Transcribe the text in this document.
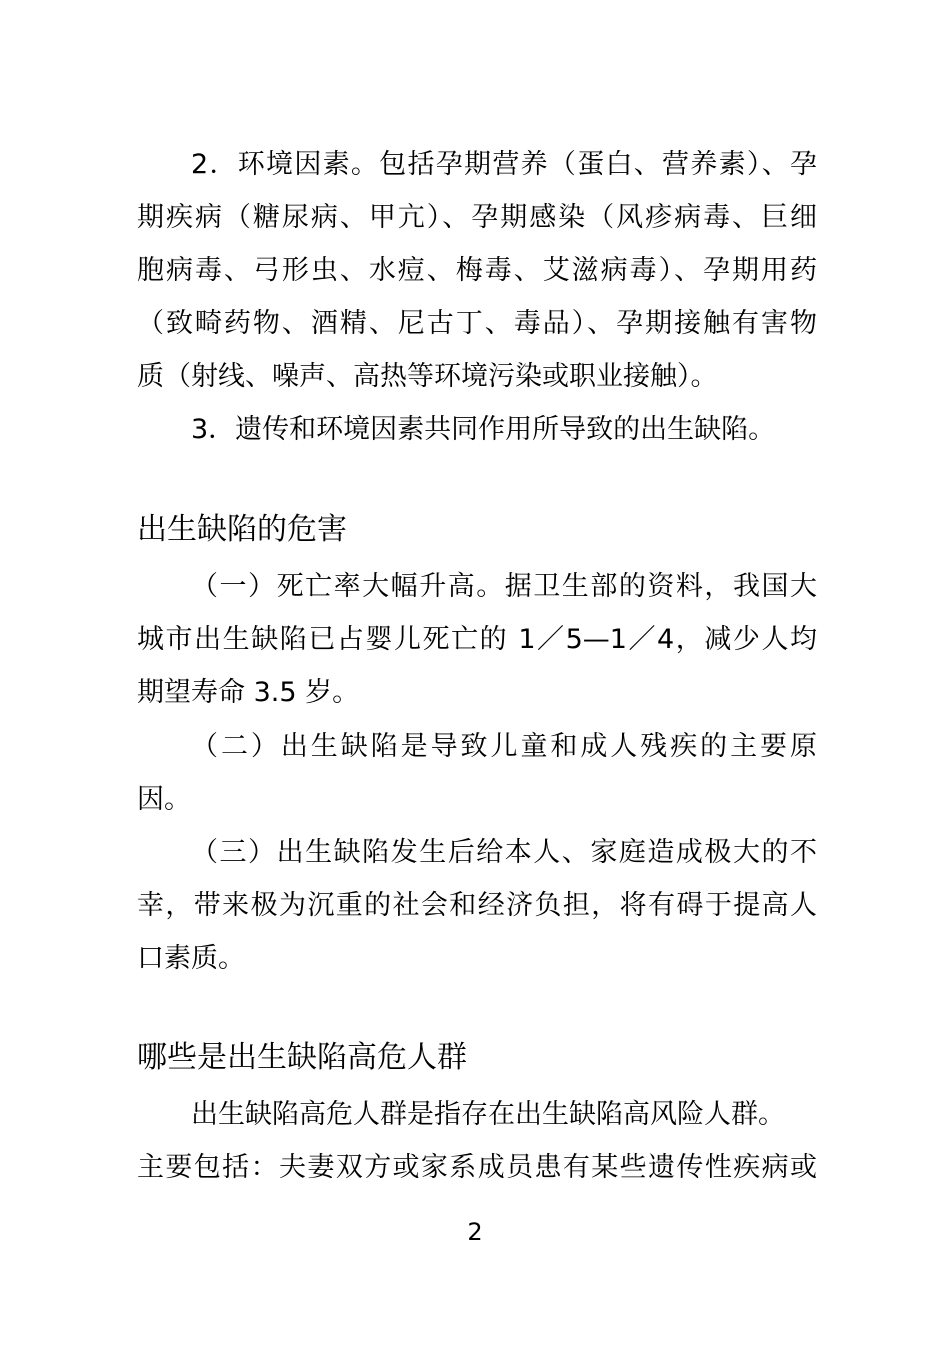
2．环境因素。包括孕期营养（蛋白、营养素）、孕
期疾病（糖尿病、甲亢）、孕期感染（风疹病毒、巨细
胞病毒、弓形虫、水痘、梅毒、艾滋病毒）、孕期用药
（致畸药物、酒精、尼古丁、毒品）、孕期接触有害物
质（射线、噪声、高热等环境污染或职业接触）。
3．遗传和环境因素共同作用所导致的出生缺陷。
出生缺陷的危害
（一）死亡率大幅升高。据卫生部的资料，我国大
城市出生缺陷已占婴儿死亡的 1／5—1／4，减少人均
期望寿命 3.5 岁。
（二）出生缺陷是导致儿童和成人残疾的主要原
因。
（三）出生缺陷发生后给本人、家庭造成极大的不
幸，带来极为沉重的社会和经济负担，将有碍于提高人
口素质。
哪些是出生缺陷高危人群
出生缺陷高危人群是指存在出生缺陷高风险人群。
主要包括：夫妻双方或家系成员患有某些遗传性疾病或
2
